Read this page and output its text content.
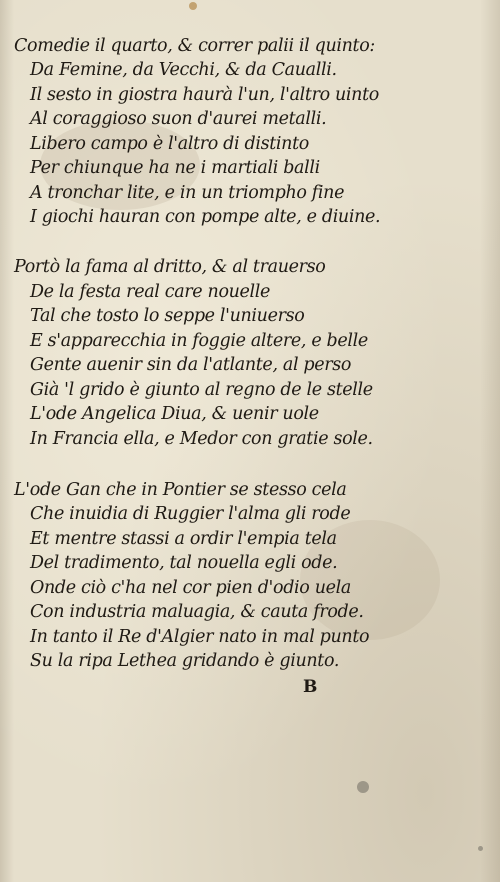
Comedie il quarto, & correr palii il quinto:
Da Femine, da Vecchi, & da Caualli.
Il sesto in giostra haurà l'un, l'altro uinto
Al coraggioso suon d'aurei metalli.
Libero campo è l'altro di distinto
Per chiunque ha ne i martiali balli
A tronchar lite, e in un triompho fine
I giochi hauran con pompe alte, e diuine.
Portò la fama al dritto, & al trauerso
De la festa real care nouelle
Tal che tosto lo seppe l'uniuerso
E s'apparecchia in foggie altere, e belle
Gente auenir sin da l'atlante, al perso
Già 'l grido è giunto al regno de le stelle
L'ode Angelica Diua, & uenir uole
In Francia ella, e Medor con gratie sole.
L'ode Gan che in Pontier se stesso cela
Che inuidia di Ruggier l'alma gli rode
Et mentre stassi a ordir l'empia tela
Del tradimento, tal nouella egli ode.
Onde ciò c'ha nel cor pien d'odio uela
Con industria maluagia, & cauta frode.
In tanto il Re d'Algier nato in mal punto
Su la ripa Lethea gridando è giunto.
B
